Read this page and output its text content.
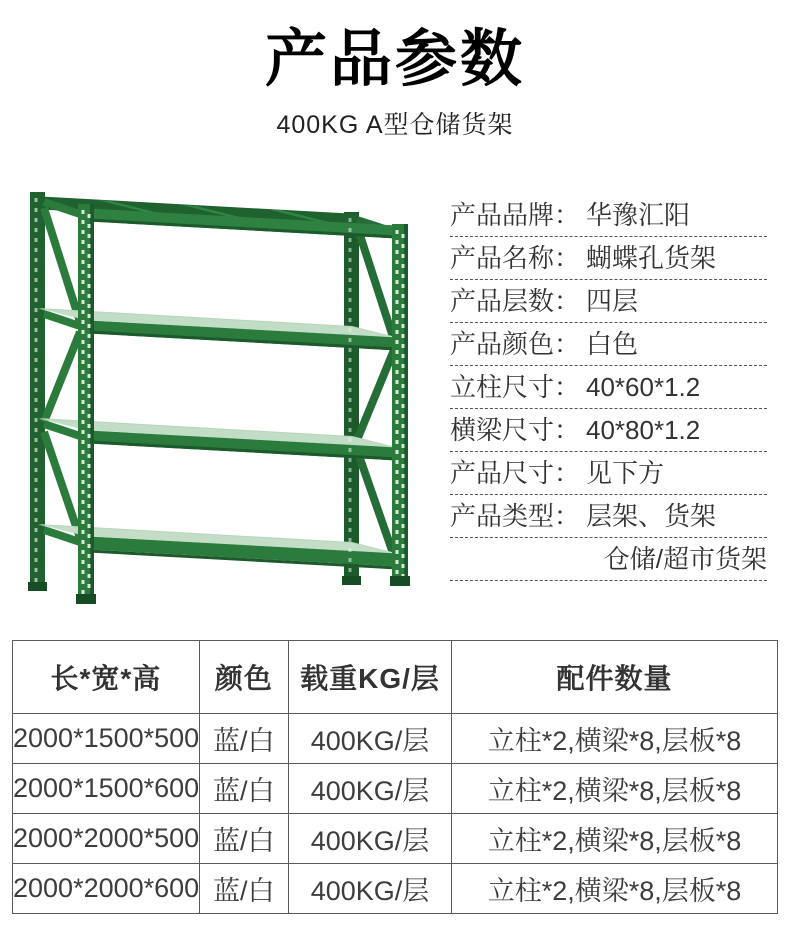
产品参数
400KG A型仓储货架
产品品牌： 华豫汇阳
产品名称： 蝴蝶孔货架
产品层数： 四层
产品颜色： 白色
立柱尺寸： 40*60*1.2
横梁尺寸： 40*80*1.2
产品尺寸： 见下方
产品类型： 层架、货架
仓储/超市货架
长*宽*高	颜色	载重KG/层	配件数量
2000*1500*500	蓝/白	400KG/层	立柱*2,横梁*8,层板*8
2000*1500*600	蓝/白	400KG/层	立柱*2,横梁*8,层板*8
2000*2000*500	蓝/白	400KG/层	立柱*2,横梁*8,层板*8
2000*2000*600	蓝/白	400KG/层	立柱*2,横梁*8,层板*8
